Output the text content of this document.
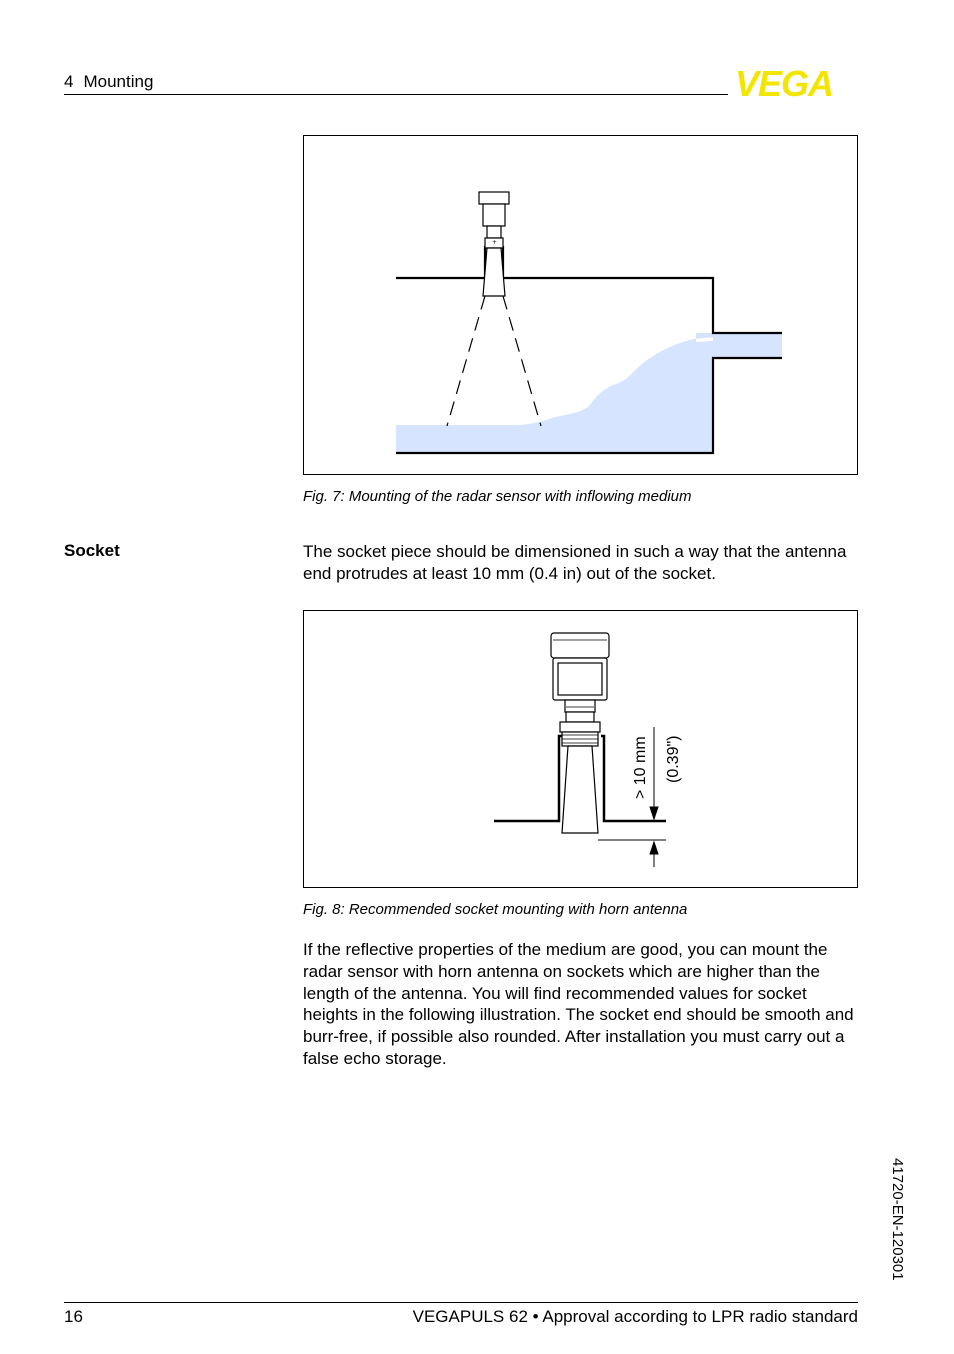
4 Mounting	VEGA
+
Fig. 7: Mounting of the radar sensor with inflowing medium
Socket	The socket piece should be dimensioned in such a way that the antenna end protrudes at least 10 mm (0.4 in) out of the socket.
> 10 mm (0.39")
Fig. 8: Recommended socket mounting with horn antenna
If the reflective properties of the medium are good, you can mount the radar sensor with horn antenna on sockets which are higher than the length of the antenna. You will find recommended values for socket heights in the following illustration. The socket end should be smooth and burr-free, if possible also rounded. After installation you must carry out a false echo storage.
41720-EN-120301
16	VEGAPULS 62 • Approval according to LPR radio standard
